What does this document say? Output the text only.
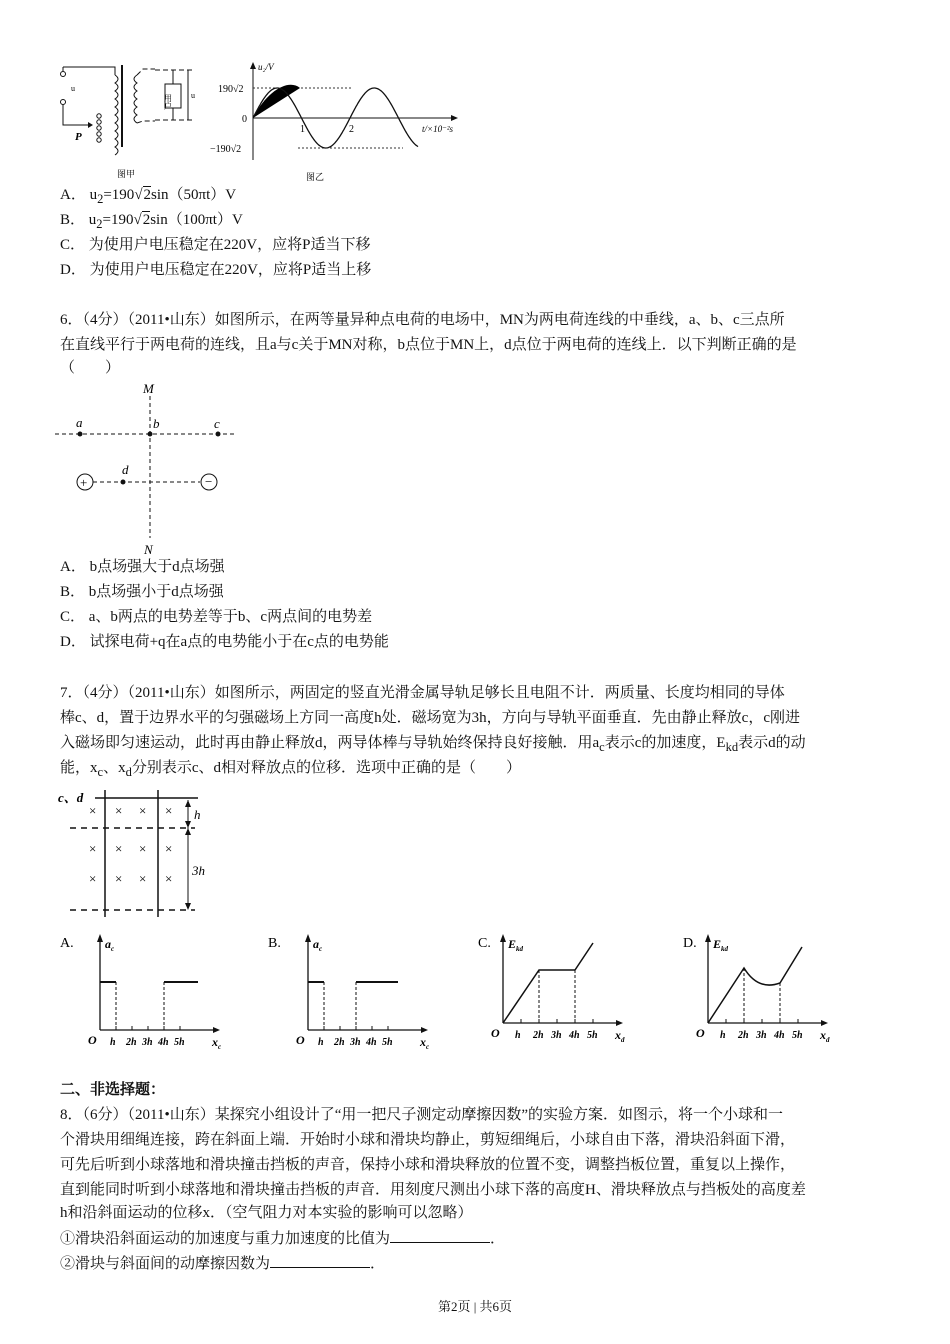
u
P
图甲
用户 u
190√2
0
−190√2
u₂/V
1	2	t/×10⁻²s
图乙
A． $u_2=190√2\sin(50\pi t)V$
B． $u_2=190√2\sin(100\pi t)V$
C． 为使用户电压稳定在220V，应将P适当下移
D． 为使用户电压稳定在220V，应将P适当上移
6．（4分）（2011•山东）如图所示，在两等量异种点电荷的电场中，MN为两电荷连线的中垂线，a、b、c三点所
在直线平行于两电荷的连线，且a与c关于MN对称，b点位于MN上，d点位于两电荷的连线上．以下判断正确的是
（　　）
+	−
M
N
a	b	c
d
A． b点场强大于d点场强
B． b点场强小于d点场强
C． a、b两点的电势差等于b、c两点间的电势差
D． 试探电荷+q在a点的电势能小于在c点的电势能
7．（4分）（2011•山东）如图所示，两固定的竖直光滑金属导轨足够长且电阻不计．两质量、长度均相同的导体
棒c、d，置于边界水平的匀强磁场上方同一高度h处．磁场宽为3h，方向与导轨平面垂直．先由静止释放c，c刚进
入磁场即匀速运动，此时再由静止释放d，两导体棒与导轨始终保持良好接触．用$a_c$表示c的加速度，$E_{kd}$表示d的动
能，$x_c$、$x_d$分别表示c、d相对释放点的位移．选项中正确的是（　　）
c、d
h
3h
× × × ×
× × × ×
× × × ×
A.
h 2h 3h 4h 5h
O
$a_c$
$x_c$
B.
h 2h 3h 4h 5h
O
$a_c$
$x_c$
C.
h 2h 3h 4h 5h
O
$E_{kd}$
$x_d$
D.
h 2h 3h 4h 5h
O
$E_{kd}$
$x_d$
二、非选择题：
8．（6分）（2011•山东）某探究小组设计了“用一把尺子测定动摩擦因数”的实验方案．如图示，将一个小球和一
个滑块用细绳连接，跨在斜面上端．开始时小球和滑块均静止，剪短细绳后，小球自由下落，滑块沿斜面下滑，
可先后听到小球落地和滑块撞击挡板的声音，保持小球和滑块释放的位置不变，调整挡板位置，重复以上操作，
直到能同时听到小球落地和滑块撞击挡板的声音．用刻度尺测出小球下落的高度H、滑块释放点与挡板处的高度差
h和沿斜面运动的位移x．（空气阻力对本实验的影响可以忽略）
①滑块沿斜面运动的加速度与重力加速度的比值为	．
②滑块与斜面间的动摩擦因数为	．
第2页 | 共6页
